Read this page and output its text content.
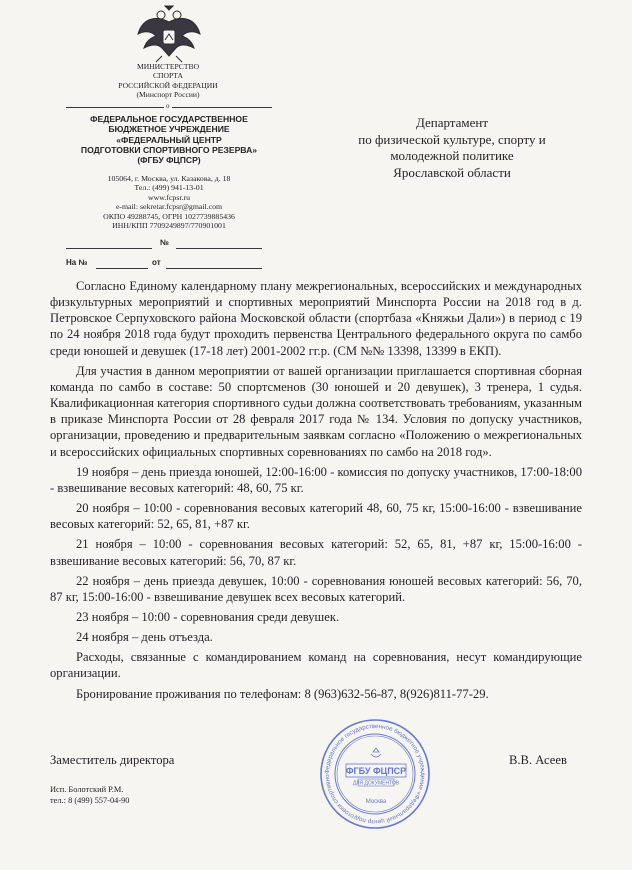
МИНИСТЕРСТВО
СПОРТА
РОССИЙСКОЙ ФЕДЕРАЦИИ
(Минспорт России)
о
ФЕДЕРАЛЬНОЕ ГОСУДАРСТВЕННОЕ
БЮДЖЕТНОЕ УЧРЕЖДЕНИЕ
«ФЕДЕРАЛЬНЫЙ ЦЕНТР
ПОДГОТОВКИ СПОРТИВНОГО РЕЗЕРВА»
(ФГБУ ФЦПСР)
105064, г. Москва, ул. Казакова, д. 18
Тел.: (499) 941-13-01
www.fcpsr.ru
e-mail: sekretar.fcpsr@gmail.com
ОКПО 49288745, ОГРН 1027739885436
ИНН/КПП 7709249897/770901001
№
На №	от
Департамент
по физической культуре, спорту и
молодежной политике
Ярославской области

Согласно Единому календарному плану межрегиональных, всероссийских и международных физкультурных мероприятий и спортивных мероприятий Минспорта России на 2018 год в д. Петровское Серпуховского района Московской области (спортбаза «Княжьи Дали») в период с 19 по 24 ноября 2018 года будут проходить первенства Центрального федерального округа по самбо среди юношей и девушек (17-18 лет) 2001-2002 гг.р. (СМ №№ 13398, 13399 в ЕКП).

Для участия в данном мероприятии от вашей организации приглашается спортивная сборная команда по самбо в составе: 50 спортсменов (30 юношей и 20 девушек), 3 тренера, 1 судья. Квалификационная категория спортивного судьи должна соответствовать требованиям, указанным в приказе Минспорта России от 28 февраля 2017 года № 134. Условия по допуску участников, организации, проведению и предварительным заявкам согласно «Положению о межрегиональных и всероссийских официальных спортивных соревнованиях по самбо на 2018 год».

19 ноября – день приезда юношей, 12:00-16:00 - комиссия по допуску участников, 17:00-18:00 - взвешивание весовых категорий: 48, 60, 75 кг.

20 ноября – 10:00 - соревнования весовых категорий 48, 60, 75 кг, 15:00-16:00 - взвешивание весовых категорий: 52, 65, 81, +87 кг.

21 ноября – 10:00 - соревнования весовых категорий: 52, 65, 81, +87 кг, 15:00-16:00 - взвешивание весовых категорий: 56, 70, 87 кг.

22 ноября – день приезда девушек, 10:00 - соревнования юношей весовых категорий: 56, 70, 87 кг, 15:00-16:00 - взвешивание девушек всех весовых категорий.

23 ноября – 10:00 - соревнования среди девушек.

24 ноября – день отъезда.

Расходы, связанные с командированием команд на соревнования, несут командирующие организации.

Бронирование проживания по телефонам: 8 (963)632-56-87, 8(926)811-77-29.

Заместитель директора	В.В. Асеев
Исп. Болотский Р.М.
тел.: 8 (499) 557-04-90
Федеральное государственное бюджетное учреждение «Федеральный центр подготовки спортивно
ФГБУ ФЦПСР
ДЛЯ ДОКУМЕНТОВ
Москва
